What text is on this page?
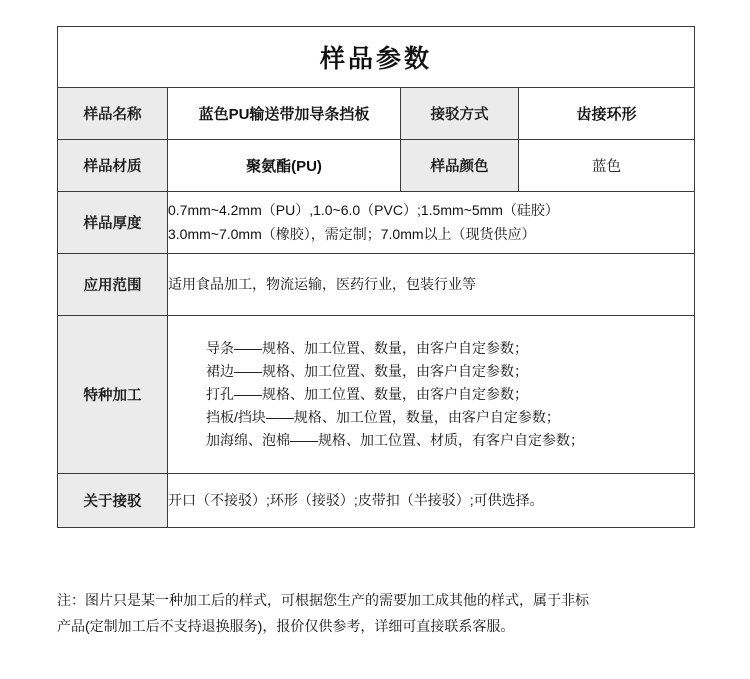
样品参数			
样品名称	蓝色PU输送带加导条挡板	接驳方式	齿接环形
样品材质	聚氨酯(PU)	样品颜色	蓝色
样品厚度	0.7mm~4.2mm（PU）,1.0~6.0（PVC）;1.5mm~5mm（硅胶）
3.0mm~7.0mm（橡胶），需定制；7.0mm以上（现货供应）		

应用范围	适用食品加工，物流运输，医药行业，包装行业等		
特种加工	导条——规格、加工位置、数量，由客户自定参数；
裙边——规格、加工位置、数量，由客户自定参数；
打孔——规格、加工位置、数量，由客户自定参数；
挡板/挡块——规格、加工位置，数量，由客户自定参数；
加海绵、泡棉——规格、加工位置、材质，有客户自定参数；		

关于接驳	开口（不接驳）;环形（接驳）;皮带扣（半接驳）;可供选择。		

注：图片只是某一种加工后的样式，可根据您生产的需要加工成其他的样式，属于非标

产品(定制加工后不支持退换服务)，报价仅供参考，详细可直接联系客服。
